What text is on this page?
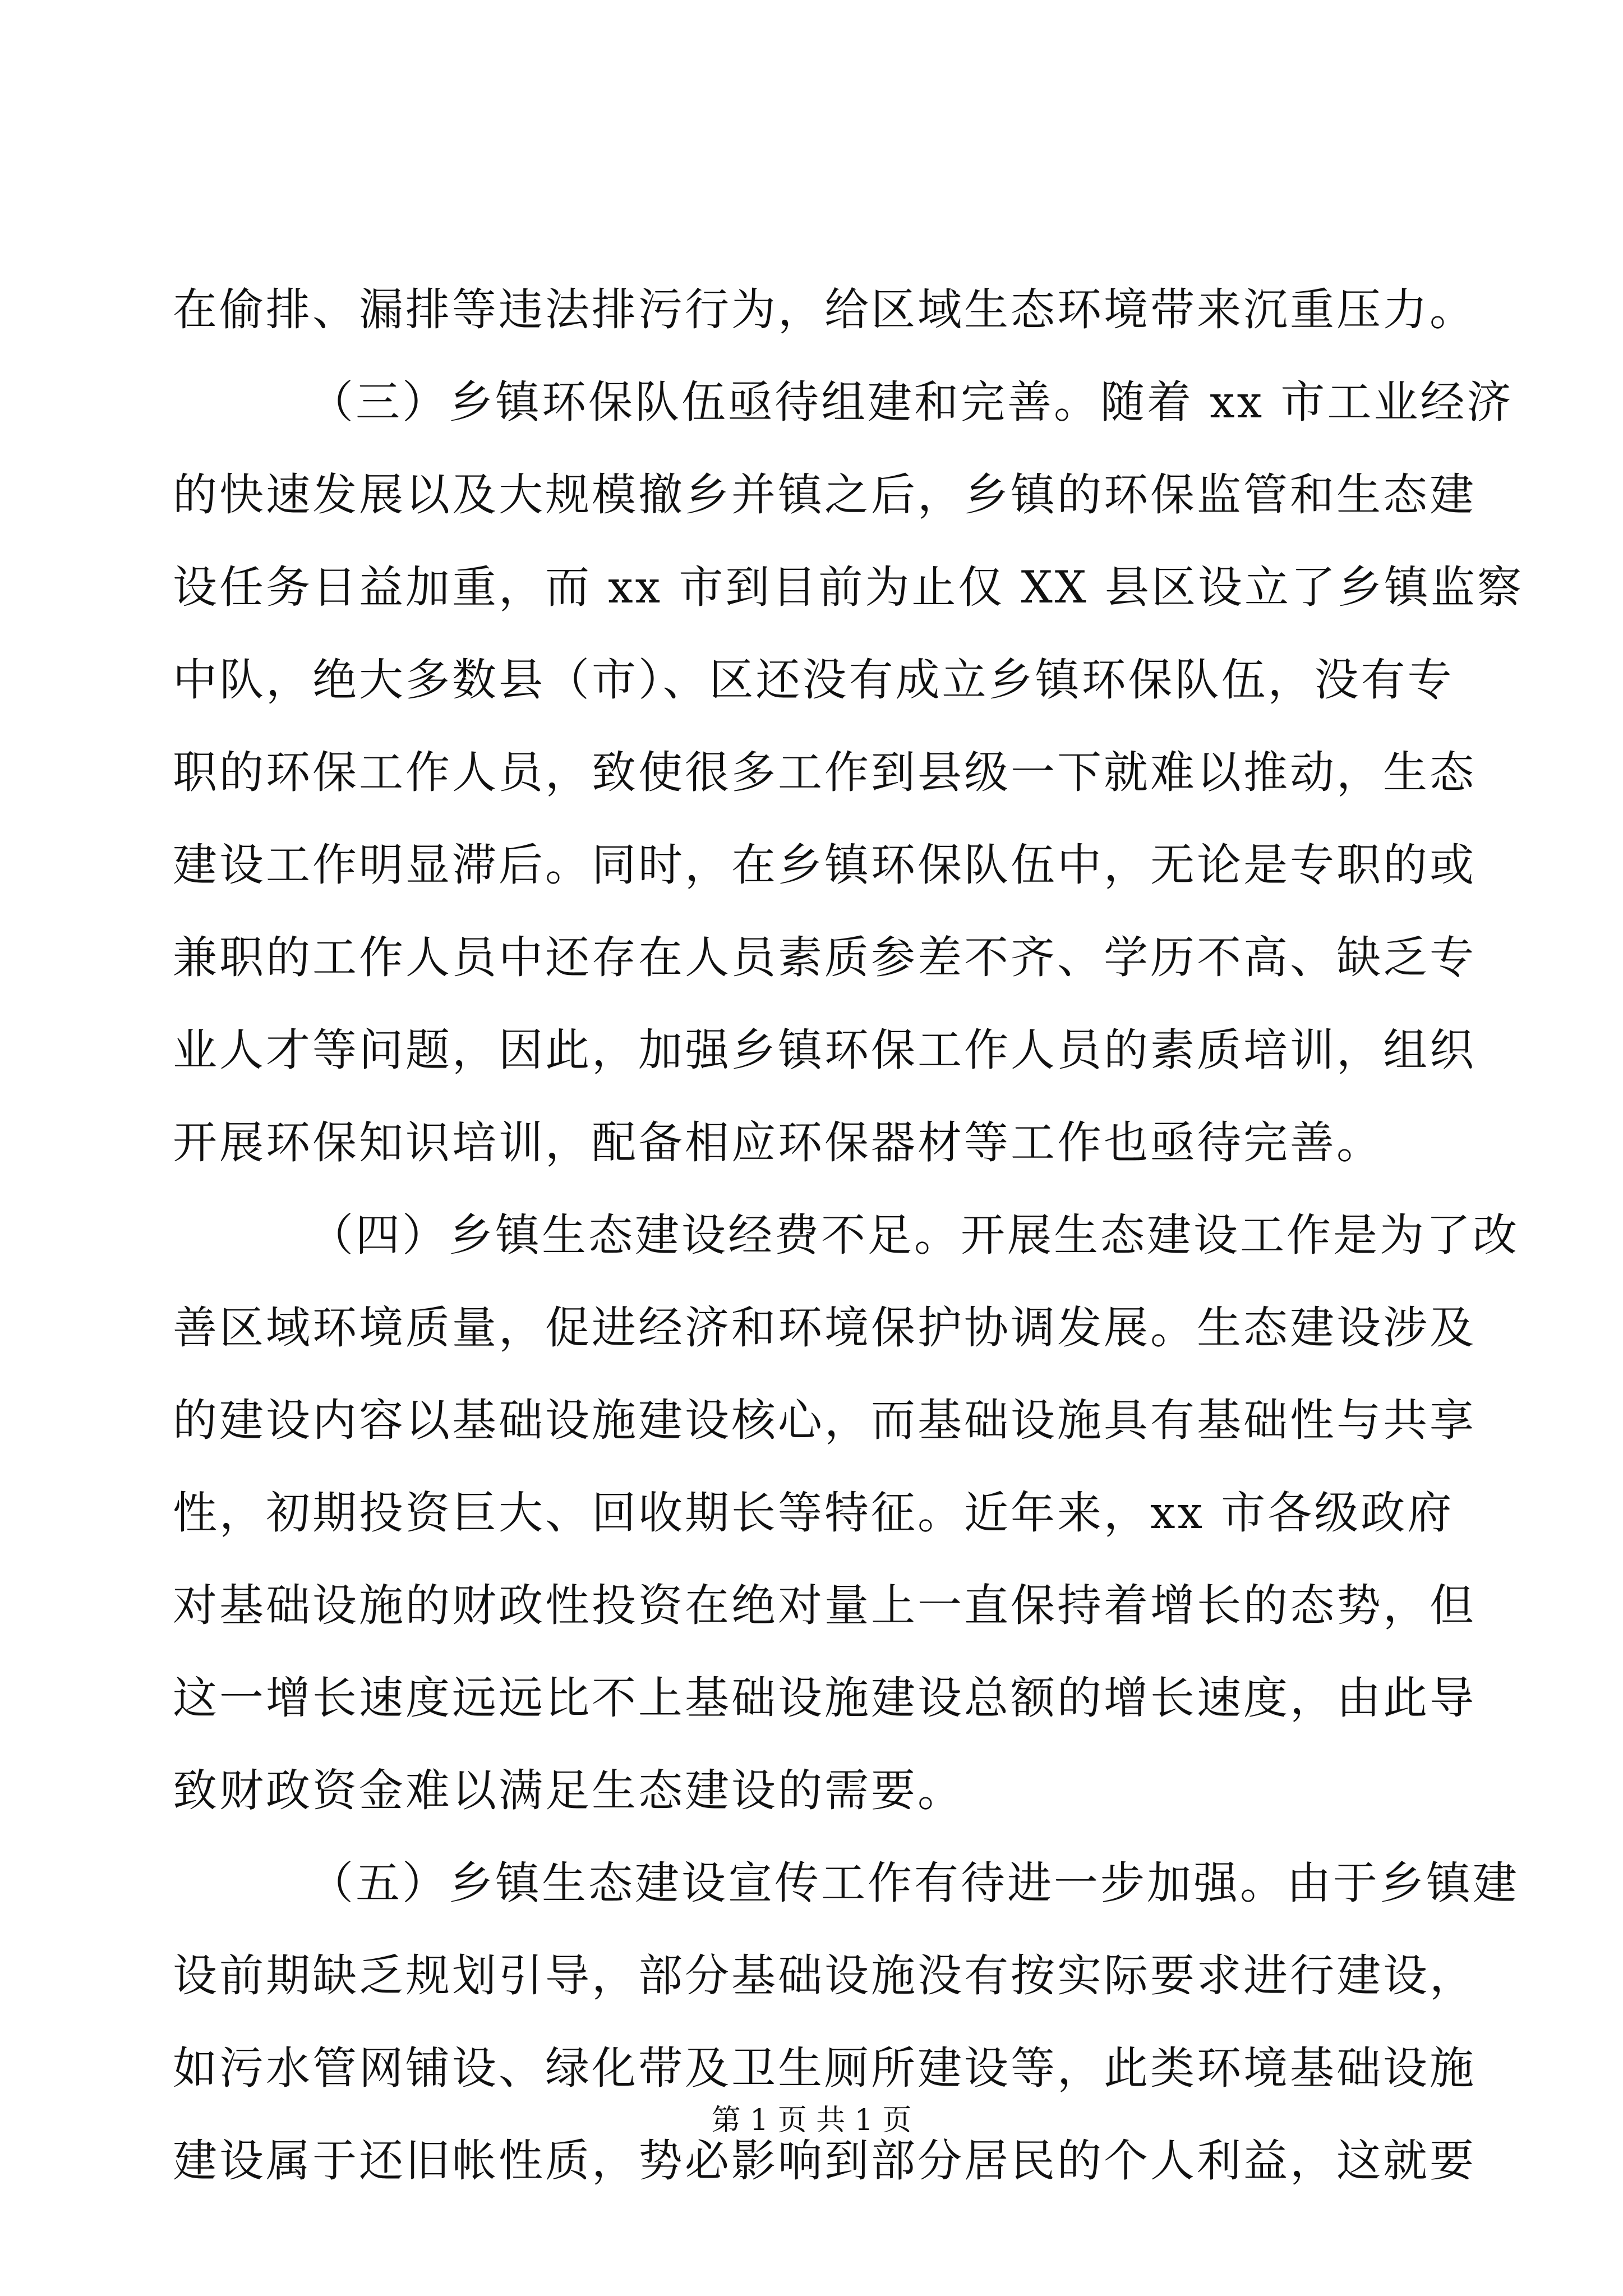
在偷排、漏排等违法排污行为，给区域生态环境带来沉重压力。
（三）乡镇环保队伍亟待组建和完善。随着 xx 市工业经济
的快速发展以及大规模撤乡并镇之后，乡镇的环保监管和生态建
设任务日益加重，而 xx 市到目前为止仅 XX 县区设立了乡镇监察
中队，绝大多数县（市）、区还没有成立乡镇环保队伍，没有专
职的环保工作人员，致使很多工作到县级一下就难以推动，生态
建设工作明显滞后。同时，在乡镇环保队伍中，无论是专职的或
兼职的工作人员中还存在人员素质参差不齐、学历不高、缺乏专
业人才等问题，因此，加强乡镇环保工作人员的素质培训，组织
开展环保知识培训，配备相应环保器材等工作也亟待完善。
（四）乡镇生态建设经费不足。开展生态建设工作是为了改
善区域环境质量，促进经济和环境保护协调发展。生态建设涉及
的建设内容以基础设施建设核心，而基础设施具有基础性与共享
性，初期投资巨大、回收期长等特征。近年来，xx 市各级政府
对基础设施的财政性投资在绝对量上一直保持着增长的态势，但
这一增长速度远远比不上基础设施建设总额的增长速度，由此导
致财政资金难以满足生态建设的需要。
（五）乡镇生态建设宣传工作有待进一步加强。由于乡镇建
设前期缺乏规划引导，部分基础设施没有按实际要求进行建设，
如污水管网铺设、绿化带及卫生厕所建设等，此类环境基础设施
建设属于还旧帐性质，势必影响到部分居民的个人利益，这就要
第 1 页 共 1 页
